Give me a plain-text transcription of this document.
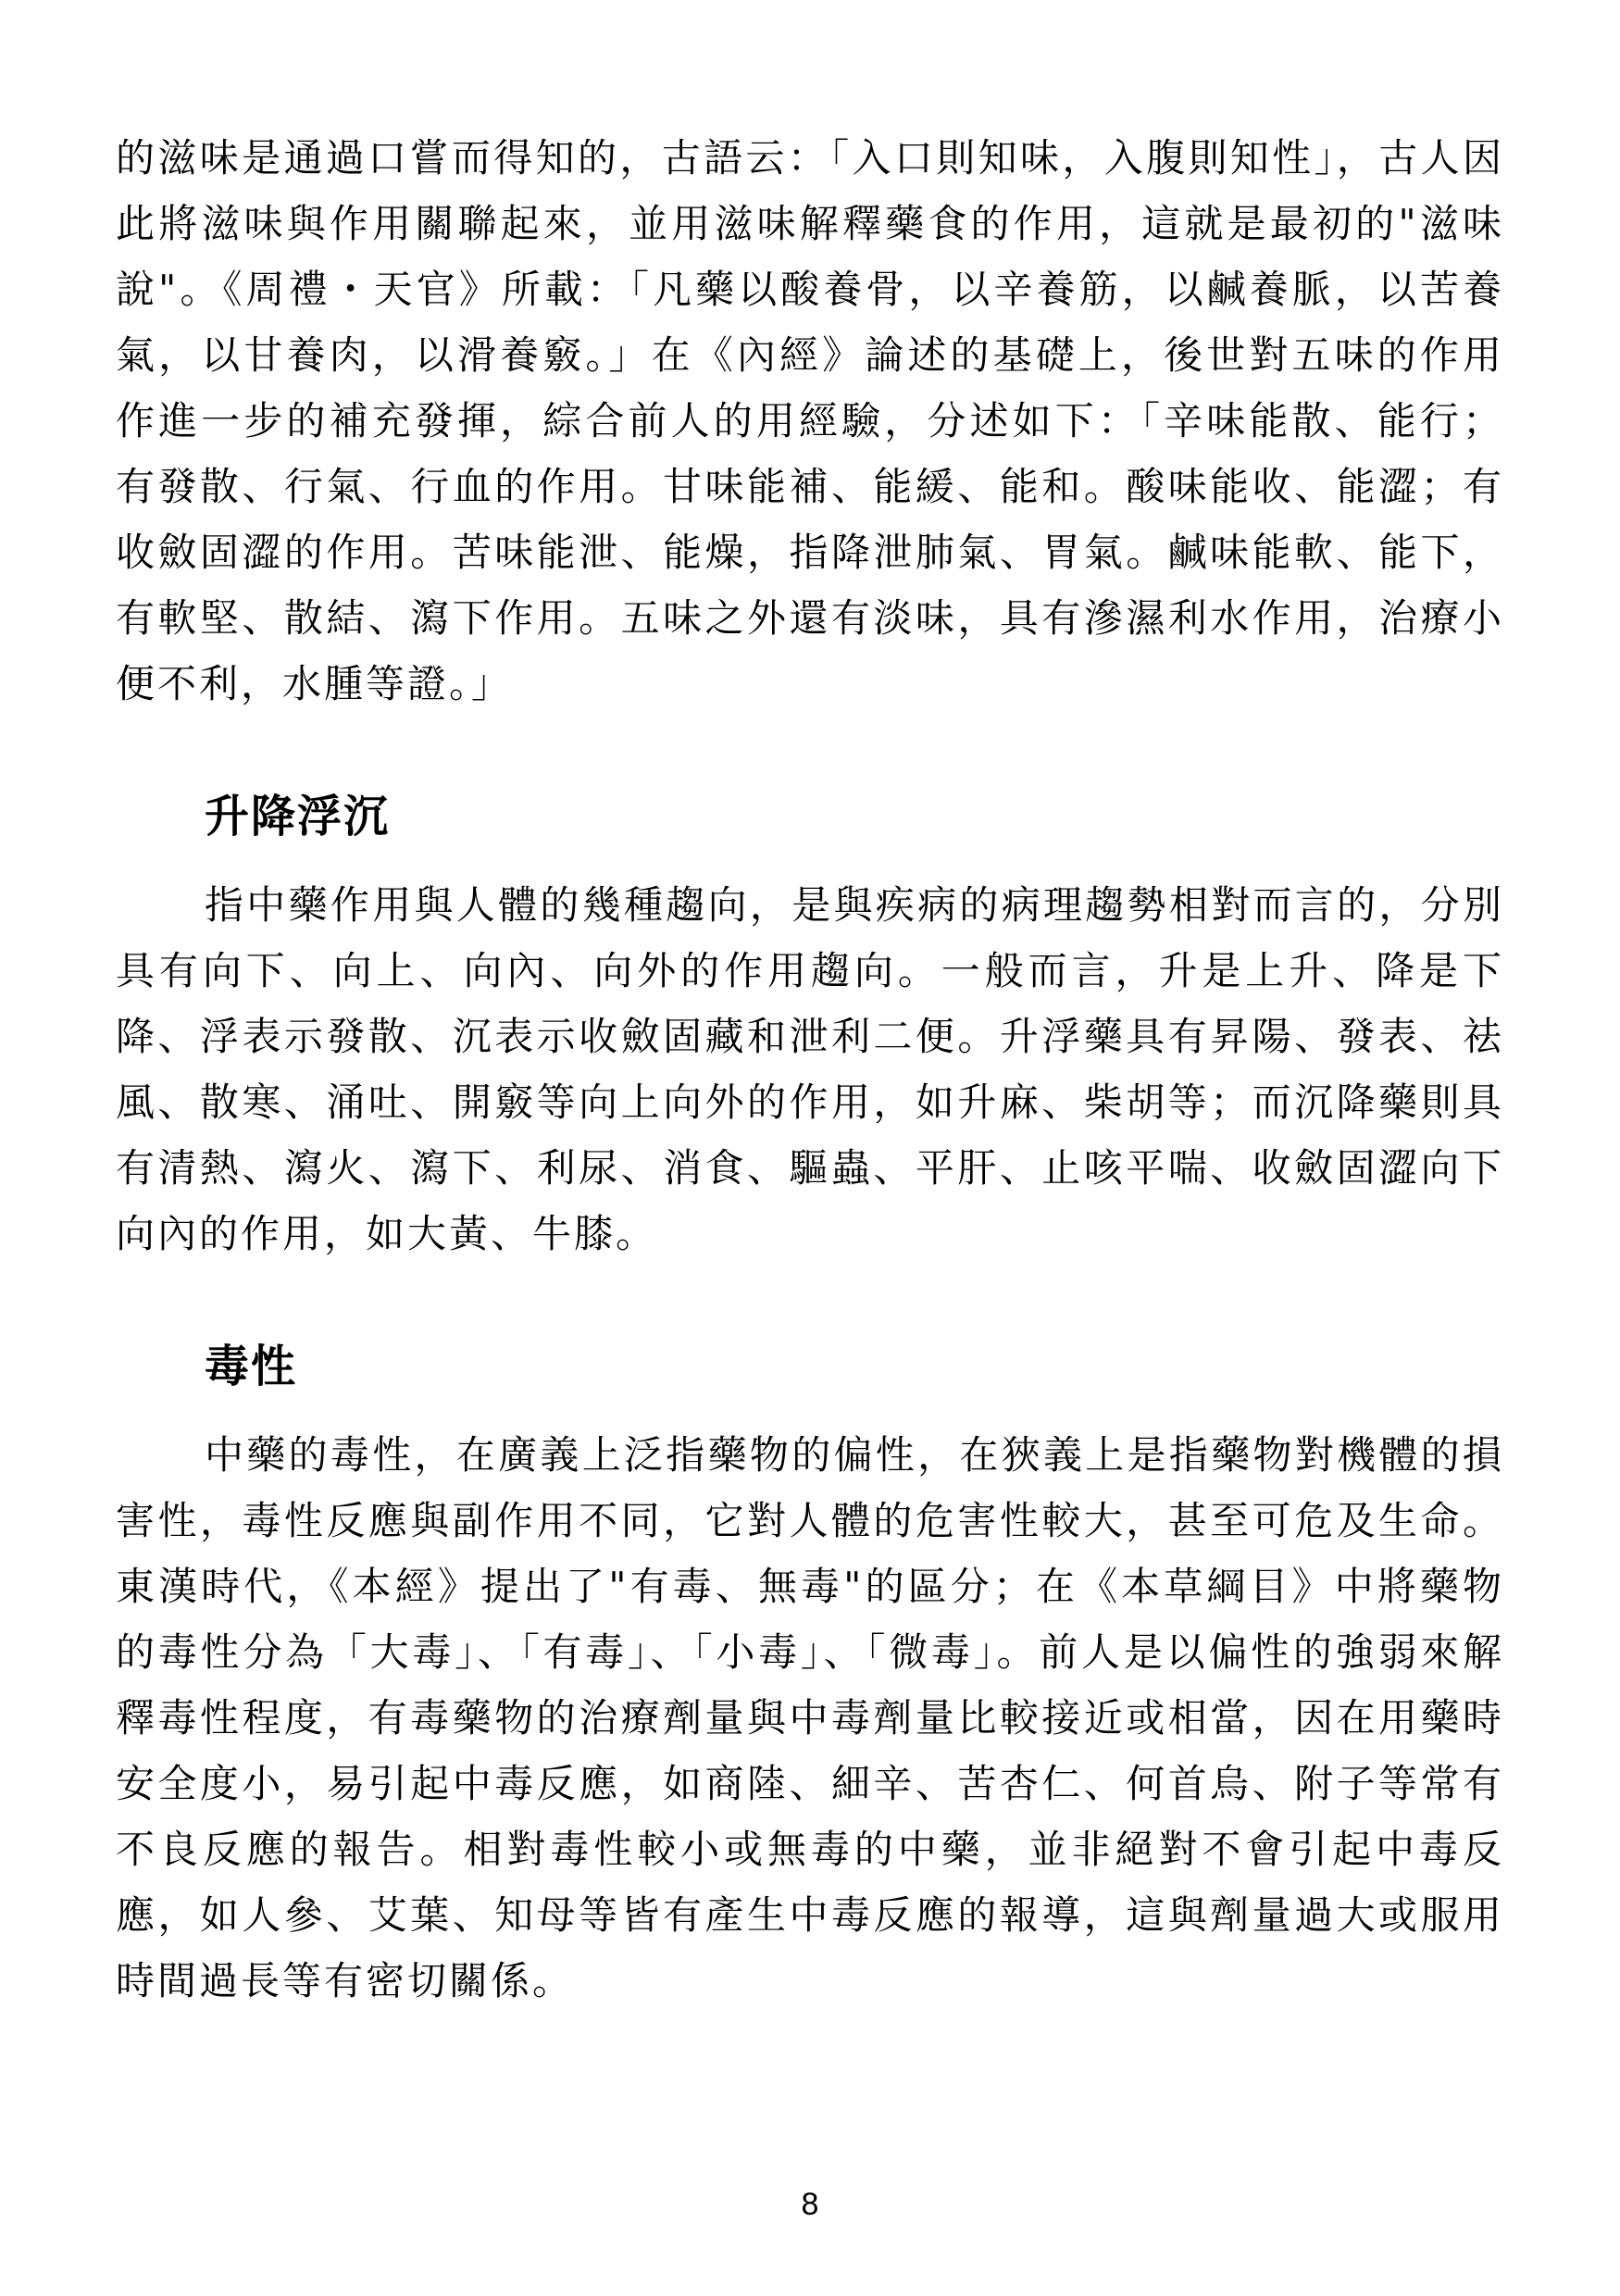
的滋味是通過口嘗而得知的，古語云：「入口則知味，入腹則知性」，古人因此將滋味與作用關聯起來，並用滋味解釋藥食的作用，這就是最初的"滋味說"。《周禮・天官》所載：「凡藥以酸養骨，以辛養筋，以鹹養脈，以苦養氣，以甘養肉，以滑養竅。」在《內經》論述的基礎上，後世對五味的作用作進一步的補充發揮，綜合前人的用經驗，分述如下：「辛味能散、能行；有發散、行氣、行血的作用。甘味能補、能緩、能和。酸味能收、能澀；有收斂固澀的作用。苦味能泄、能燥，指降泄肺氣、胃氣。鹹味能軟、能下，有軟堅、散結、瀉下作用。五味之外還有淡味，具有滲濕利水作用，治療小便不利，水腫等證。」

升降浮沉

指中藥作用與人體的幾種趨向，是與疾病的病理趨勢相對而言的，分別具有向下、向上、向內、向外的作用趨向。一般而言，升是上升、降是下降、浮表示發散、沉表示收斂固藏和泄利二便。升浮藥具有昇陽、發表、祛風、散寒、涌吐、開竅等向上向外的作用，如升麻、柴胡等；而沉降藥則具有清熱、瀉火、瀉下、利尿、消食、驅蟲、平肝、止咳平喘、收斂固澀向下向內的作用，如大黃、牛膝。

毒性

中藥的毒性，在廣義上泛指藥物的偏性，在狹義上是指藥物對機體的損害性，毒性反應與副作用不同，它對人體的危害性較大，甚至可危及生命。東漢時代，《本經》提出了"有毒、無毒"的區分；在《本草綱目》中將藥物的毒性分為「大毒」、「有毒」、「小毒」、「微毒」。前人是以偏性的強弱來解釋毒性程度，有毒藥物的治療劑量與中毒劑量比較接近或相當，因在用藥時安全度小，易引起中毒反應，如商陸、細辛、苦杏仁、何首烏、附子等常有不良反應的報告。相對毒性較小或無毒的中藥，並非絕對不會引起中毒反應，如人參、艾葉、知母等皆有產生中毒反應的報導，這與劑量過大或服用時間過長等有密切關係。

8
